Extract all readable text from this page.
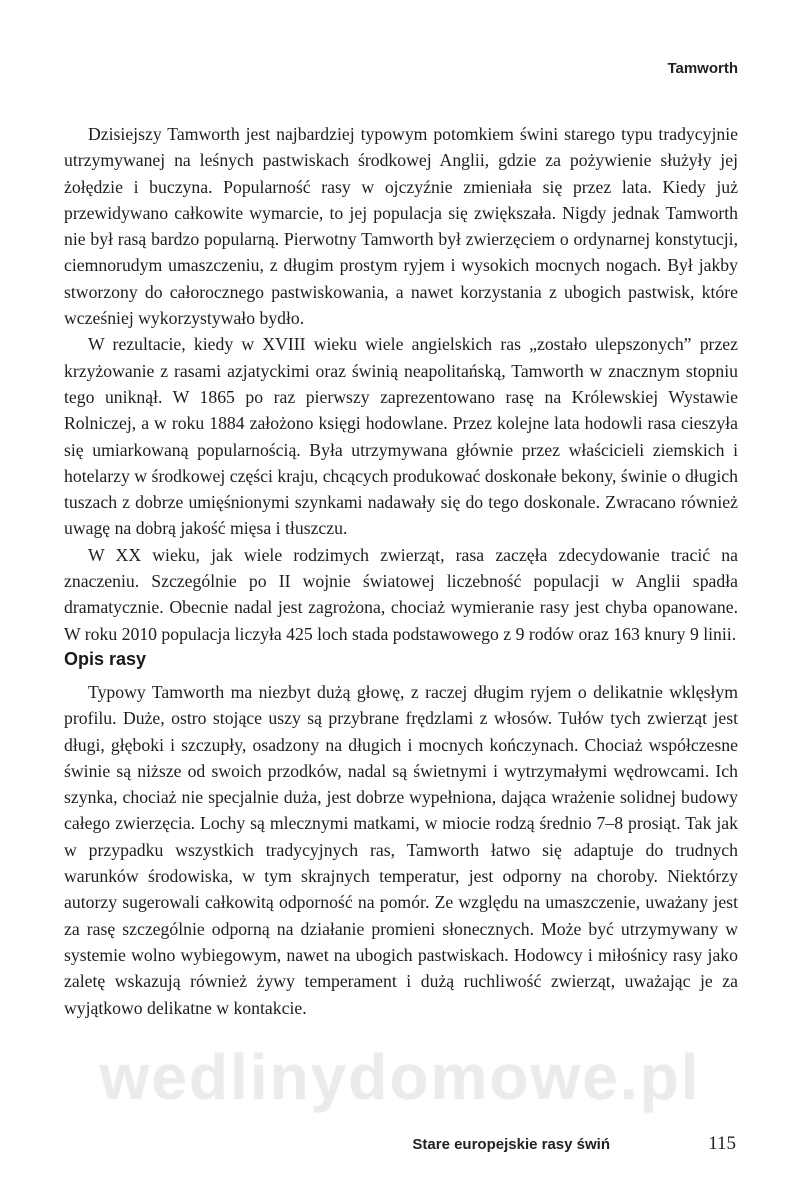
Tamworth

Dzisiejszy Tamworth jest najbardziej typowym potomkiem świni starego typu tradycyjnie utrzymywanej na leśnych pastwiskach środkowej Anglii, gdzie za pożywienie służyły jej żołędzie i buczyna. Popularność rasy w ojczyźnie zmieniała się przez lata. Kiedy już przewidywano całkowite wymarcie, to jej populacja się zwiększała. Nigdy jednak Tamworth nie był rasą bardzo popularną. Pierwotny Tamworth był zwierzęciem o ordynarnej konstytucji, ciemnorudym umaszczeniu, z długim prostym ryjem i wysokich mocnych nogach. Był jakby stworzony do całorocznego pastwiskowania, a nawet korzystania z ubogich pastwisk, które wcześniej wykorzystywało bydło.

W rezultacie, kiedy w XVIII wieku wiele angielskich ras „zostało ulepszonych” przez krzyżowanie z rasami azjatyckimi oraz świnią neapolitańską, Tamworth w znacznym stopniu tego uniknął. W 1865 po raz pierwszy zaprezentowano rasę na Królewskiej Wystawie Rolniczej, a w roku 1884 założono księgi hodowlane. Przez kolejne lata hodowli rasa cieszyła się umiarkowaną popularnością. Była utrzymywana głównie przez właścicieli ziemskich i hotelarzy w środkowej części kraju, chcących produkować doskonałe bekony, świnie o długich tuszach z dobrze umięśnionymi szynkami nadawały się do tego doskonale. Zwracano również uwagę na dobrą jakość mięsa i tłuszczu.

W XX wieku, jak wiele rodzimych zwierząt, rasa zaczęła zdecydowanie tracić na znaczeniu. Szczególnie po II wojnie światowej liczebność populacji w Anglii spadła dramatycznie. Obecnie nadal jest zagrożona, chociaż wymieranie rasy jest chyba opanowane. W roku 2010 populacja liczyła 425 loch stada podstawowego z 9 rodów oraz 163 knury 9 linii.

Opis rasy

Typowy Tamworth ma niezbyt dużą głowę, z raczej długim ryjem o delikatnie wklęsłym profilu. Duże, ostro stojące uszy są przybrane frędzlami z włosów. Tułów tych zwierząt jest długi, głęboki i szczupły, osadzony na długich i mocnych kończynach. Chociaż współczesne świnie są niższe od swoich przodków, nadal są świetnymi i wytrzymałymi wędrowcami. Ich szynka, chociaż nie specjalnie duża, jest dobrze wypełniona, dająca wrażenie solidnej budowy całego zwierzęcia. Lochy są mlecznymi matkami, w miocie rodzą średnio 7–8 prosiąt. Tak jak w przypadku wszystkich tradycyjnych ras, Tamworth łatwo się adaptuje do trudnych warunków środowiska, w tym skrajnych temperatur, jest odporny na choroby. Niektórzy autorzy sugerowali całkowitą odporność na pomór. Ze względu na umaszczenie, uważany jest za rasę szczególnie odporną na działanie promieni słonecznych. Może być utrzymywany w systemie wolno wybiegowym, nawet na ubogich pastwiskach. Hodowcy i miłośnicy rasy jako zaletę wskazują również żywy temperament i dużą ruchliwość zwierząt, uważając je za wyjątkowo delikatne w kontakcie.

wedlinydomowe.pl

Stare europejskie rasy świń	115
